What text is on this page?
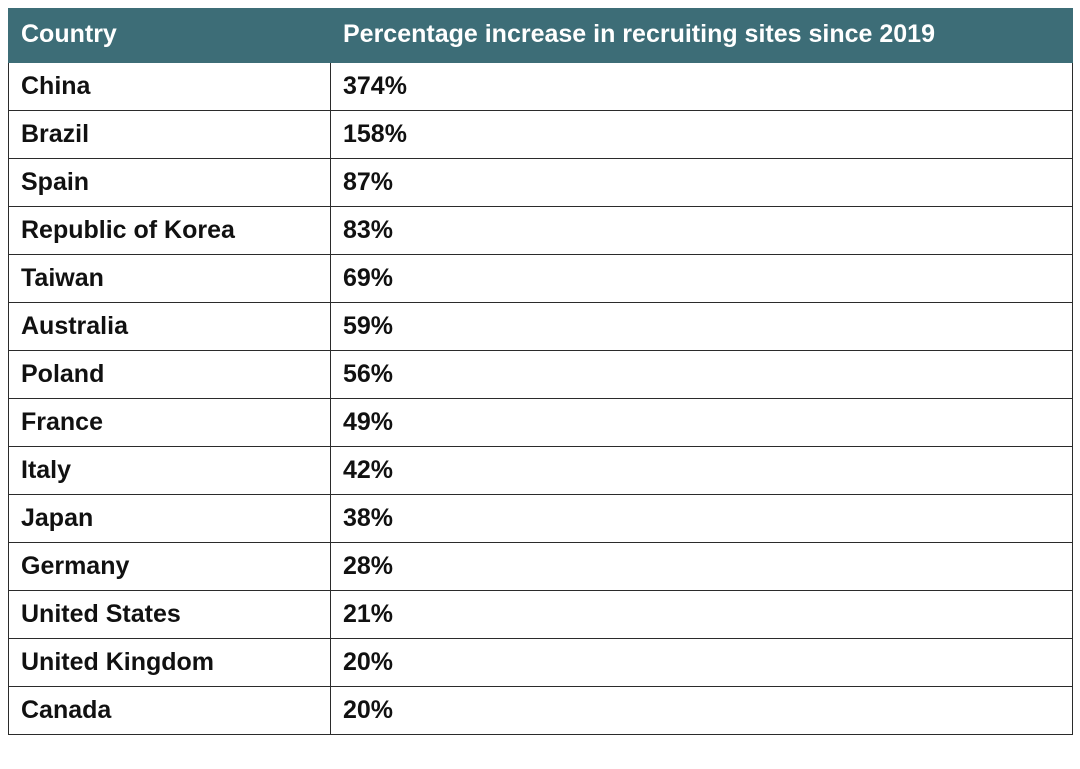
Country	Percentage increase in recruiting sites since 2019
China	374%
Brazil	158%
Spain	87%
Republic of Korea	83%
Taiwan	69%
Australia	59%
Poland	56%
France	49%
Italy	42%
Japan	38%
Germany	28%
United States	21%
United Kingdom	20%
Canada	20%
